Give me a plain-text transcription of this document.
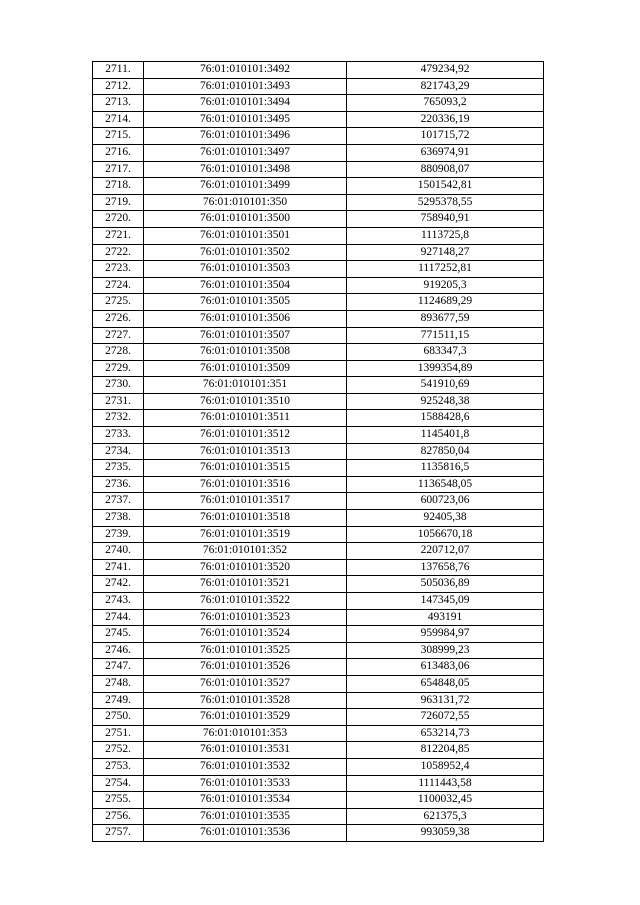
2711.	76:01:010101:3492	479234,92
2712.	76:01:010101:3493	821743,29
2713.	76:01:010101:3494	765093,2
2714.	76:01:010101:3495	220336,19
2715.	76:01:010101:3496	101715,72
2716.	76:01:010101:3497	636974,91
2717.	76:01:010101:3498	880908,07
2718.	76:01:010101:3499	1501542,81
2719.	76:01:010101:350	5295378,55
2720.	76:01:010101:3500	758940,91
2721.	76:01:010101:3501	1113725,8
2722.	76:01:010101:3502	927148,27
2723.	76:01:010101:3503	1117252,81
2724.	76:01:010101:3504	919205,3
2725.	76:01:010101:3505	1124689,29
2726.	76:01:010101:3506	893677,59
2727.	76:01:010101:3507	771511,15
2728.	76:01:010101:3508	683347,3
2729.	76:01:010101:3509	1399354,89
2730.	76:01:010101:351	541910,69
2731.	76:01:010101:3510	925248,38
2732.	76:01:010101:3511	1588428,6
2733.	76:01:010101:3512	1145401,8
2734.	76:01:010101:3513	827850,04
2735.	76:01:010101:3515	1135816,5
2736.	76:01:010101:3516	1136548,05
2737.	76:01:010101:3517	600723,06
2738.	76:01:010101:3518	92405,38
2739.	76:01:010101:3519	1056670,18
2740.	76:01:010101:352	220712,07
2741.	76:01:010101:3520	137658,76
2742.	76:01:010101:3521	505036,89
2743.	76:01:010101:3522	147345,09
2744.	76:01:010101:3523	493191
2745.	76:01:010101:3524	959984,97
2746.	76:01:010101:3525	308999,23
2747.	76:01:010101:3526	613483,06
2748.	76:01:010101:3527	654848,05
2749.	76:01:010101:3528	963131,72
2750.	76:01:010101:3529	726072,55
2751.	76:01:010101:353	653214,73
2752.	76:01:010101:3531	812204,85
2753.	76:01:010101:3532	1058952,4
2754.	76:01:010101:3533	1111443,58
2755.	76:01:010101:3534	1100032,45
2756.	76:01:010101:3535	621375,3
2757.	76:01:010101:3536	993059,38
